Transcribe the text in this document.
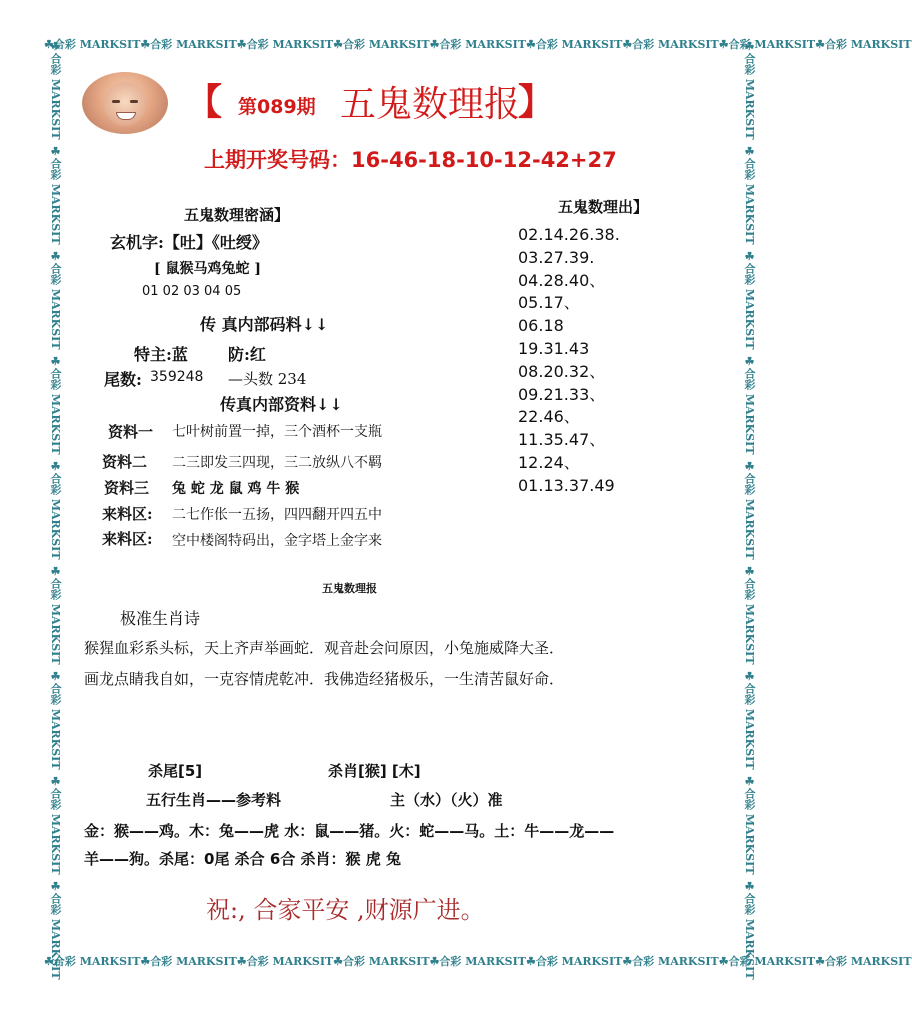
☘合彩 MARKSIT☘合彩 MARKSIT☘合彩 MARKSIT☘合彩 MARKSIT☘合彩 MARKSIT☘合彩 MARKSIT☘合彩 MARKSIT☘合彩 MARKSIT☘合彩 MARKSIT
☘合彩 MARKSIT☘合彩 MARKSIT☘合彩 MARKSIT☘合彩 MARKSIT☘合彩 MARKSIT☘合彩 MARKSIT☘合彩 MARKSIT☘合彩 MARKSIT☘合彩 MARKSIT
☘合彩 MARKSIT
☘合彩 MARKSIT
☘合彩 MARKSIT
☘合彩 MARKSIT
☘合彩 MARKSIT
☘合彩 MARKSIT
☘合彩 MARKSIT
☘合彩 MARKSIT
☘合彩 MARKSIT
☘合彩 MARKSIT
☘合彩 MARKSIT
☘合彩 MARKSIT
☘合彩 MARKSIT
☘合彩 MARKSIT
☘合彩 MARKSIT
☘合彩 MARKSIT
☘合彩 MARKSIT
☘合彩 MARKSIT
【 第089期 五鬼数理报
】
上期开奖号码：16-46-18-10-12-42+27
五鬼数理密涵】
玄机字:【吐】《吐绶》
[ 鼠猴马鸡兔蛇 ]
01 02 03 04 05
传 真内部码料↓↓
特主:蓝	防:红
尾数: 359248 —头数 234
传真内部资料↓↓
资料一 七叶树前置一掉，三个酒杯一支瓶
资料二 二三即发三四现，三二放纵八不羁
资料三 兔 蛇 龙 鼠 鸡 牛 猴
来料区: 二七作伥一五扬，四四翻开四五中
来料区: 空中楼阁特码出，金字塔上金字来
五鬼数理出】
02.14.26.38.
03.27.39.
04.28.40、
05.17、
06.18
19.31.43
08.20.32、
09.21.33、
22.46、
11.35.47、
12.24、
01.13.37.49
五鬼数理报
极准生肖诗
猴猩血彩系头标，天上齐声举画蛇．观音赴会问原因，小兔施威降大圣．
画龙点睛我自如，一克容情虎乾冲．我佛造经猪极乐，一生清苦鼠好命．
杀尾[5]	杀肖[猴] [木]
五行生肖——参考料	主（水）（火）准
金：猴——鸡。木：兔——虎 水：鼠——猪。火：蛇——马。土：牛——龙——
羊——狗。杀尾：0尾 杀合 6合 杀肖：猴 虎 兔
祝:, 合家平安 ,财源广进。
